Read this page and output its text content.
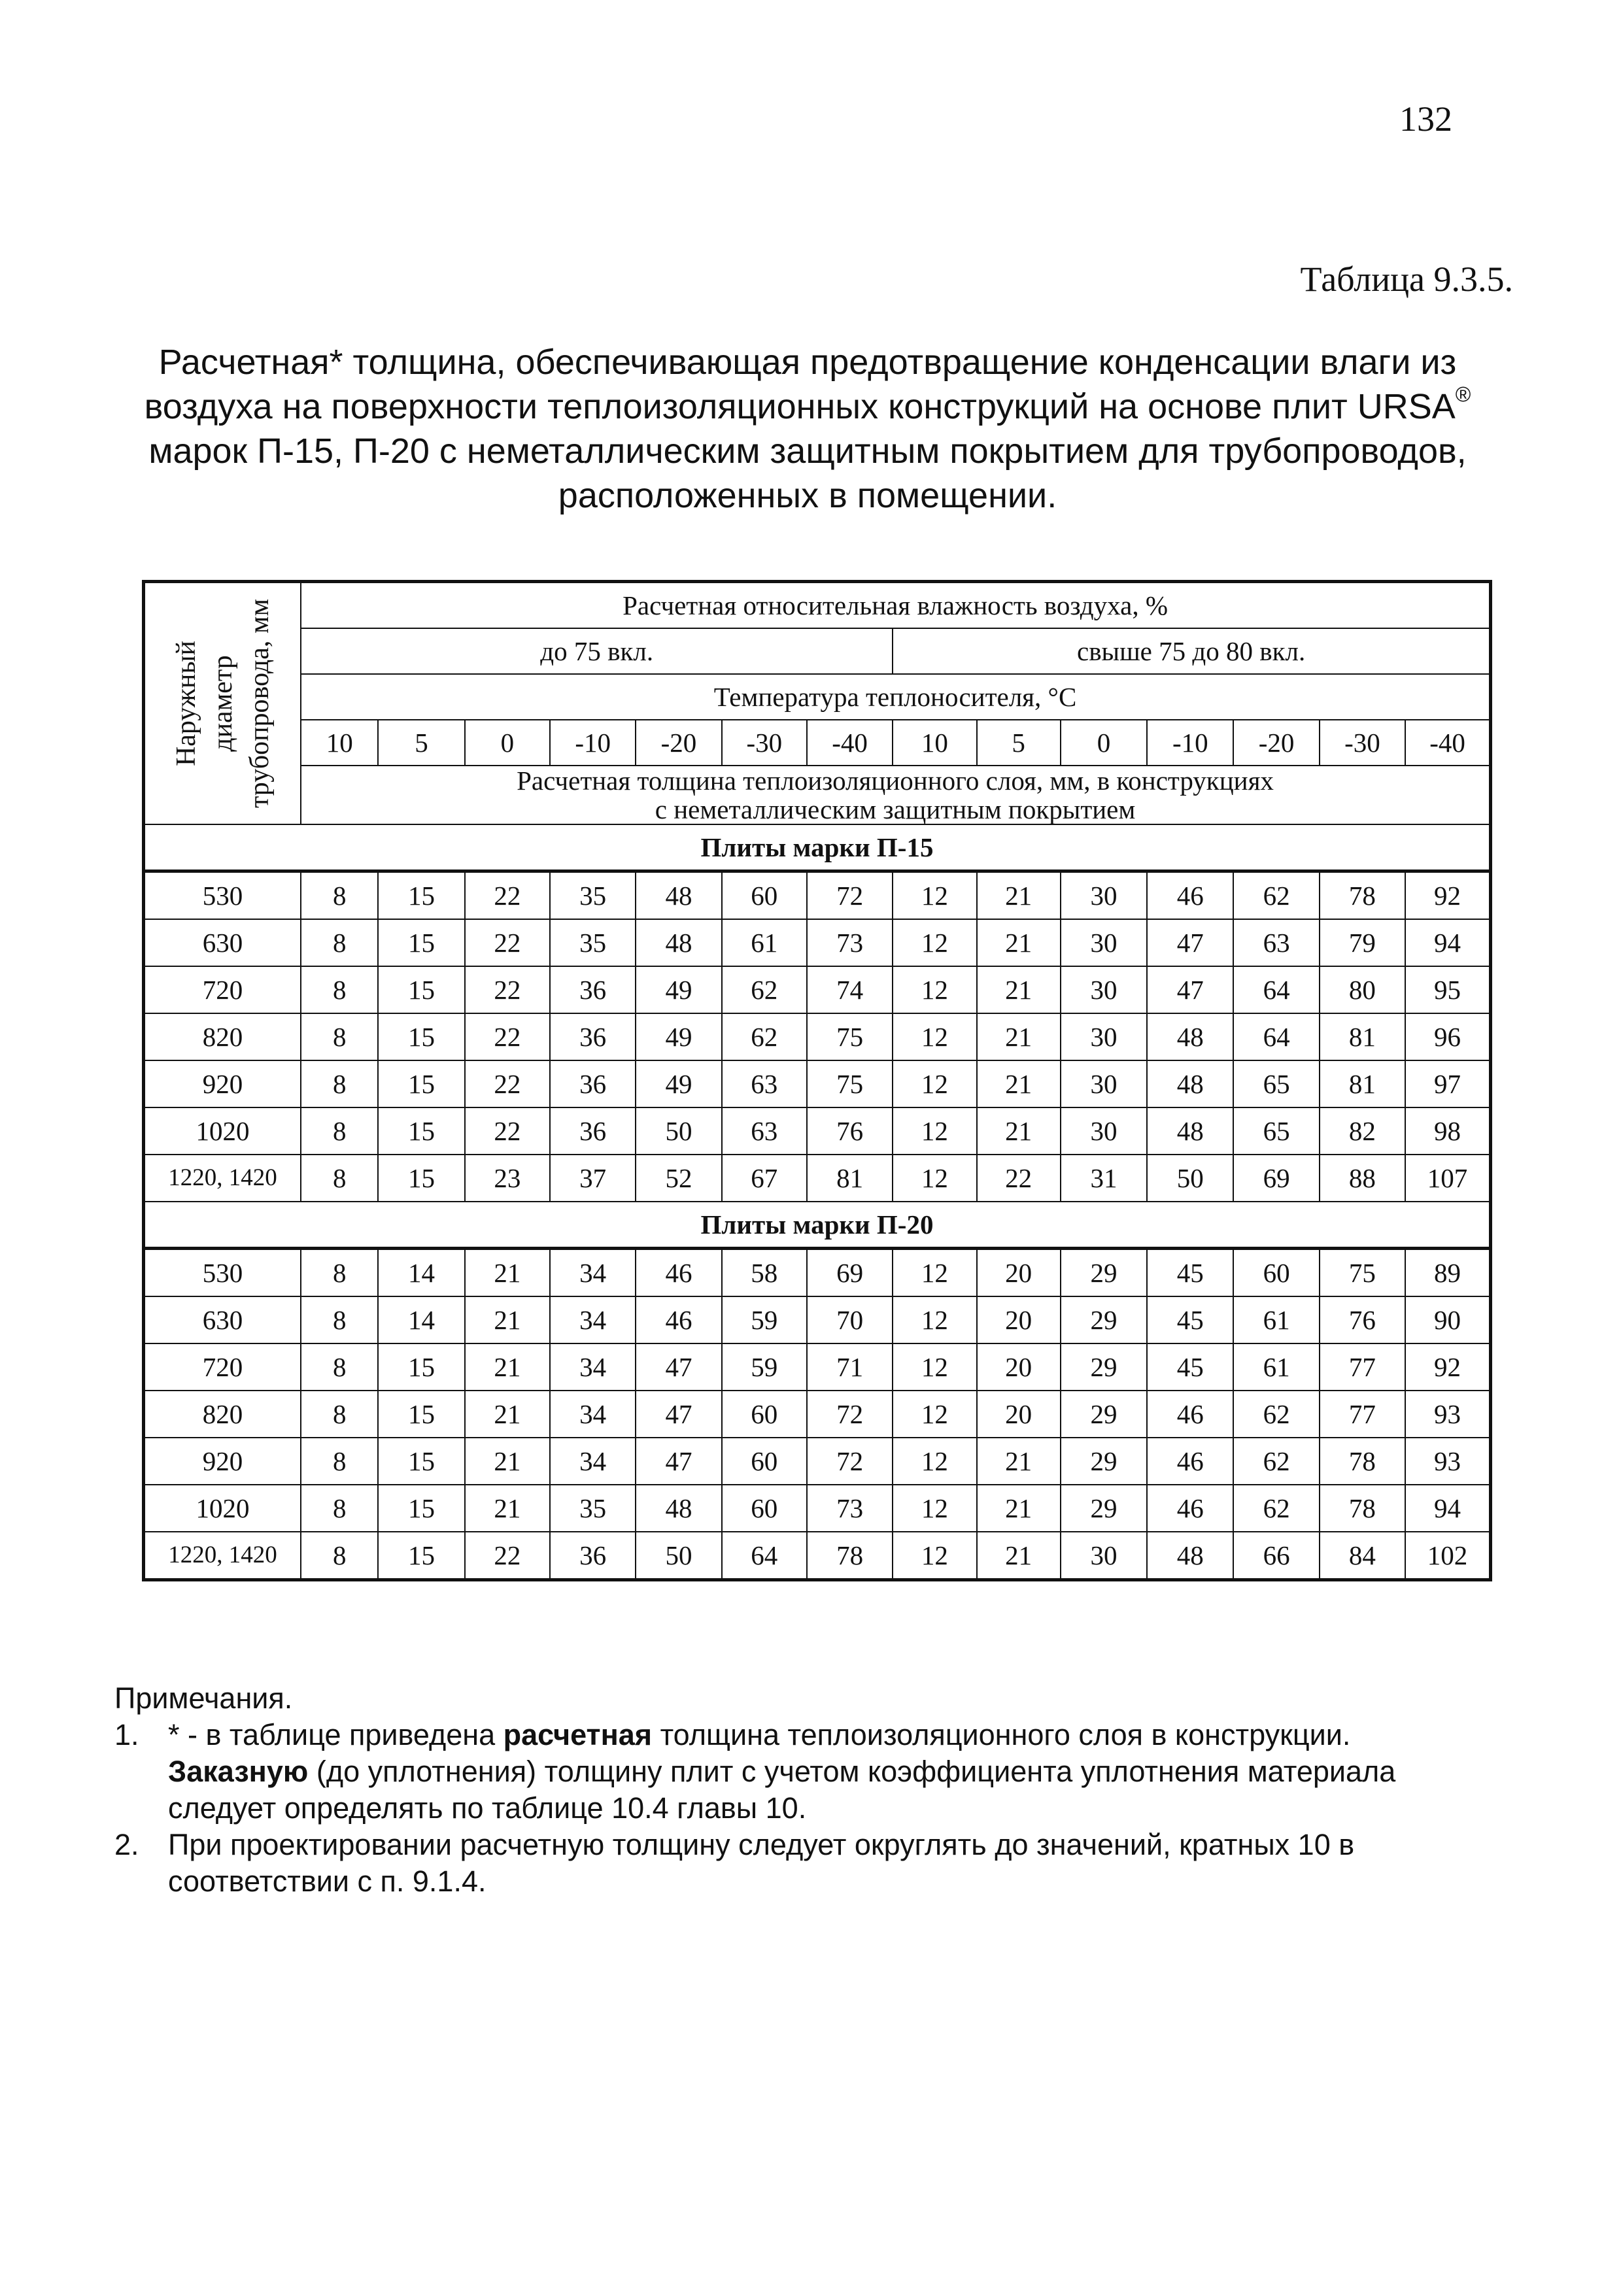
132
Таблица 9.3.5.
Расчетная* толщина, обеспечивающая предотвращение конденсации влаги из
воздуха на поверхности теплоизоляционных конструкций на основе плит URSA®
марок П-15, П-20 с неметаллическим защитным покрытием для трубопроводов,
расположенных в помещении.
Наружный диаметр трубопровода, мм	Расчетная относительная влажность воздуха, %													
	до 75 вкл.							свыше 75 до 80 вкл.						
	Температура теплоносителя, °С													
	10	5	0	-10	-20	-30	-40	10	5	0	-10	-20	-30	-40

	Расчетная толщина теплоизоляционного слоя, мм, в конструкциях
с неметаллическим защитным покрытием													

Плиты марки П-15														
530	8	15	22	35	48	60	72	12	21	30	46	62	78	92
630	8	15	22	35	48	61	73	12	21	30	47	63	79	94
720	8	15	22	36	49	62	74	12	21	30	47	64	80	95
820	8	15	22	36	49	62	75	12	21	30	48	64	81	96
920	8	15	22	36	49	63	75	12	21	30	48	65	81	97
1020	8	15	22	36	50	63	76	12	21	30	48	65	82	98
1220, 1420	8	15	23	37	52	67	81	12	22	31	50	69	88	107
Плиты марки П-20														
530	8	14	21	34	46	58	69	12	20	29	45	60	75	89
630	8	14	21	34	46	59	70	12	20	29	45	61	76	90
720	8	15	21	34	47	59	71	12	20	29	45	61	77	92
820	8	15	21	34	47	60	72	12	20	29	46	62	77	93
920	8	15	21	34	47	60	72	12	21	29	46	62	78	93
1020	8	15	21	35	48	60	73	12	21	29	46	62	78	94
1220, 1420	8	15	22	36	50	64	78	12	21	30	48	66	84	102
Примечания.
1. * - в таблице приведена расчетная толщина теплоизоляционного слоя в конструкции.
Заказную (до уплотнения) толщину плит с учетом коэффициента уплотнения материала
следует определять по таблице 10.4 главы 10.
2. При проектировании расчетную толщину следует округлять до значений, кратных 10 в
соответствии с п. 9.1.4.
